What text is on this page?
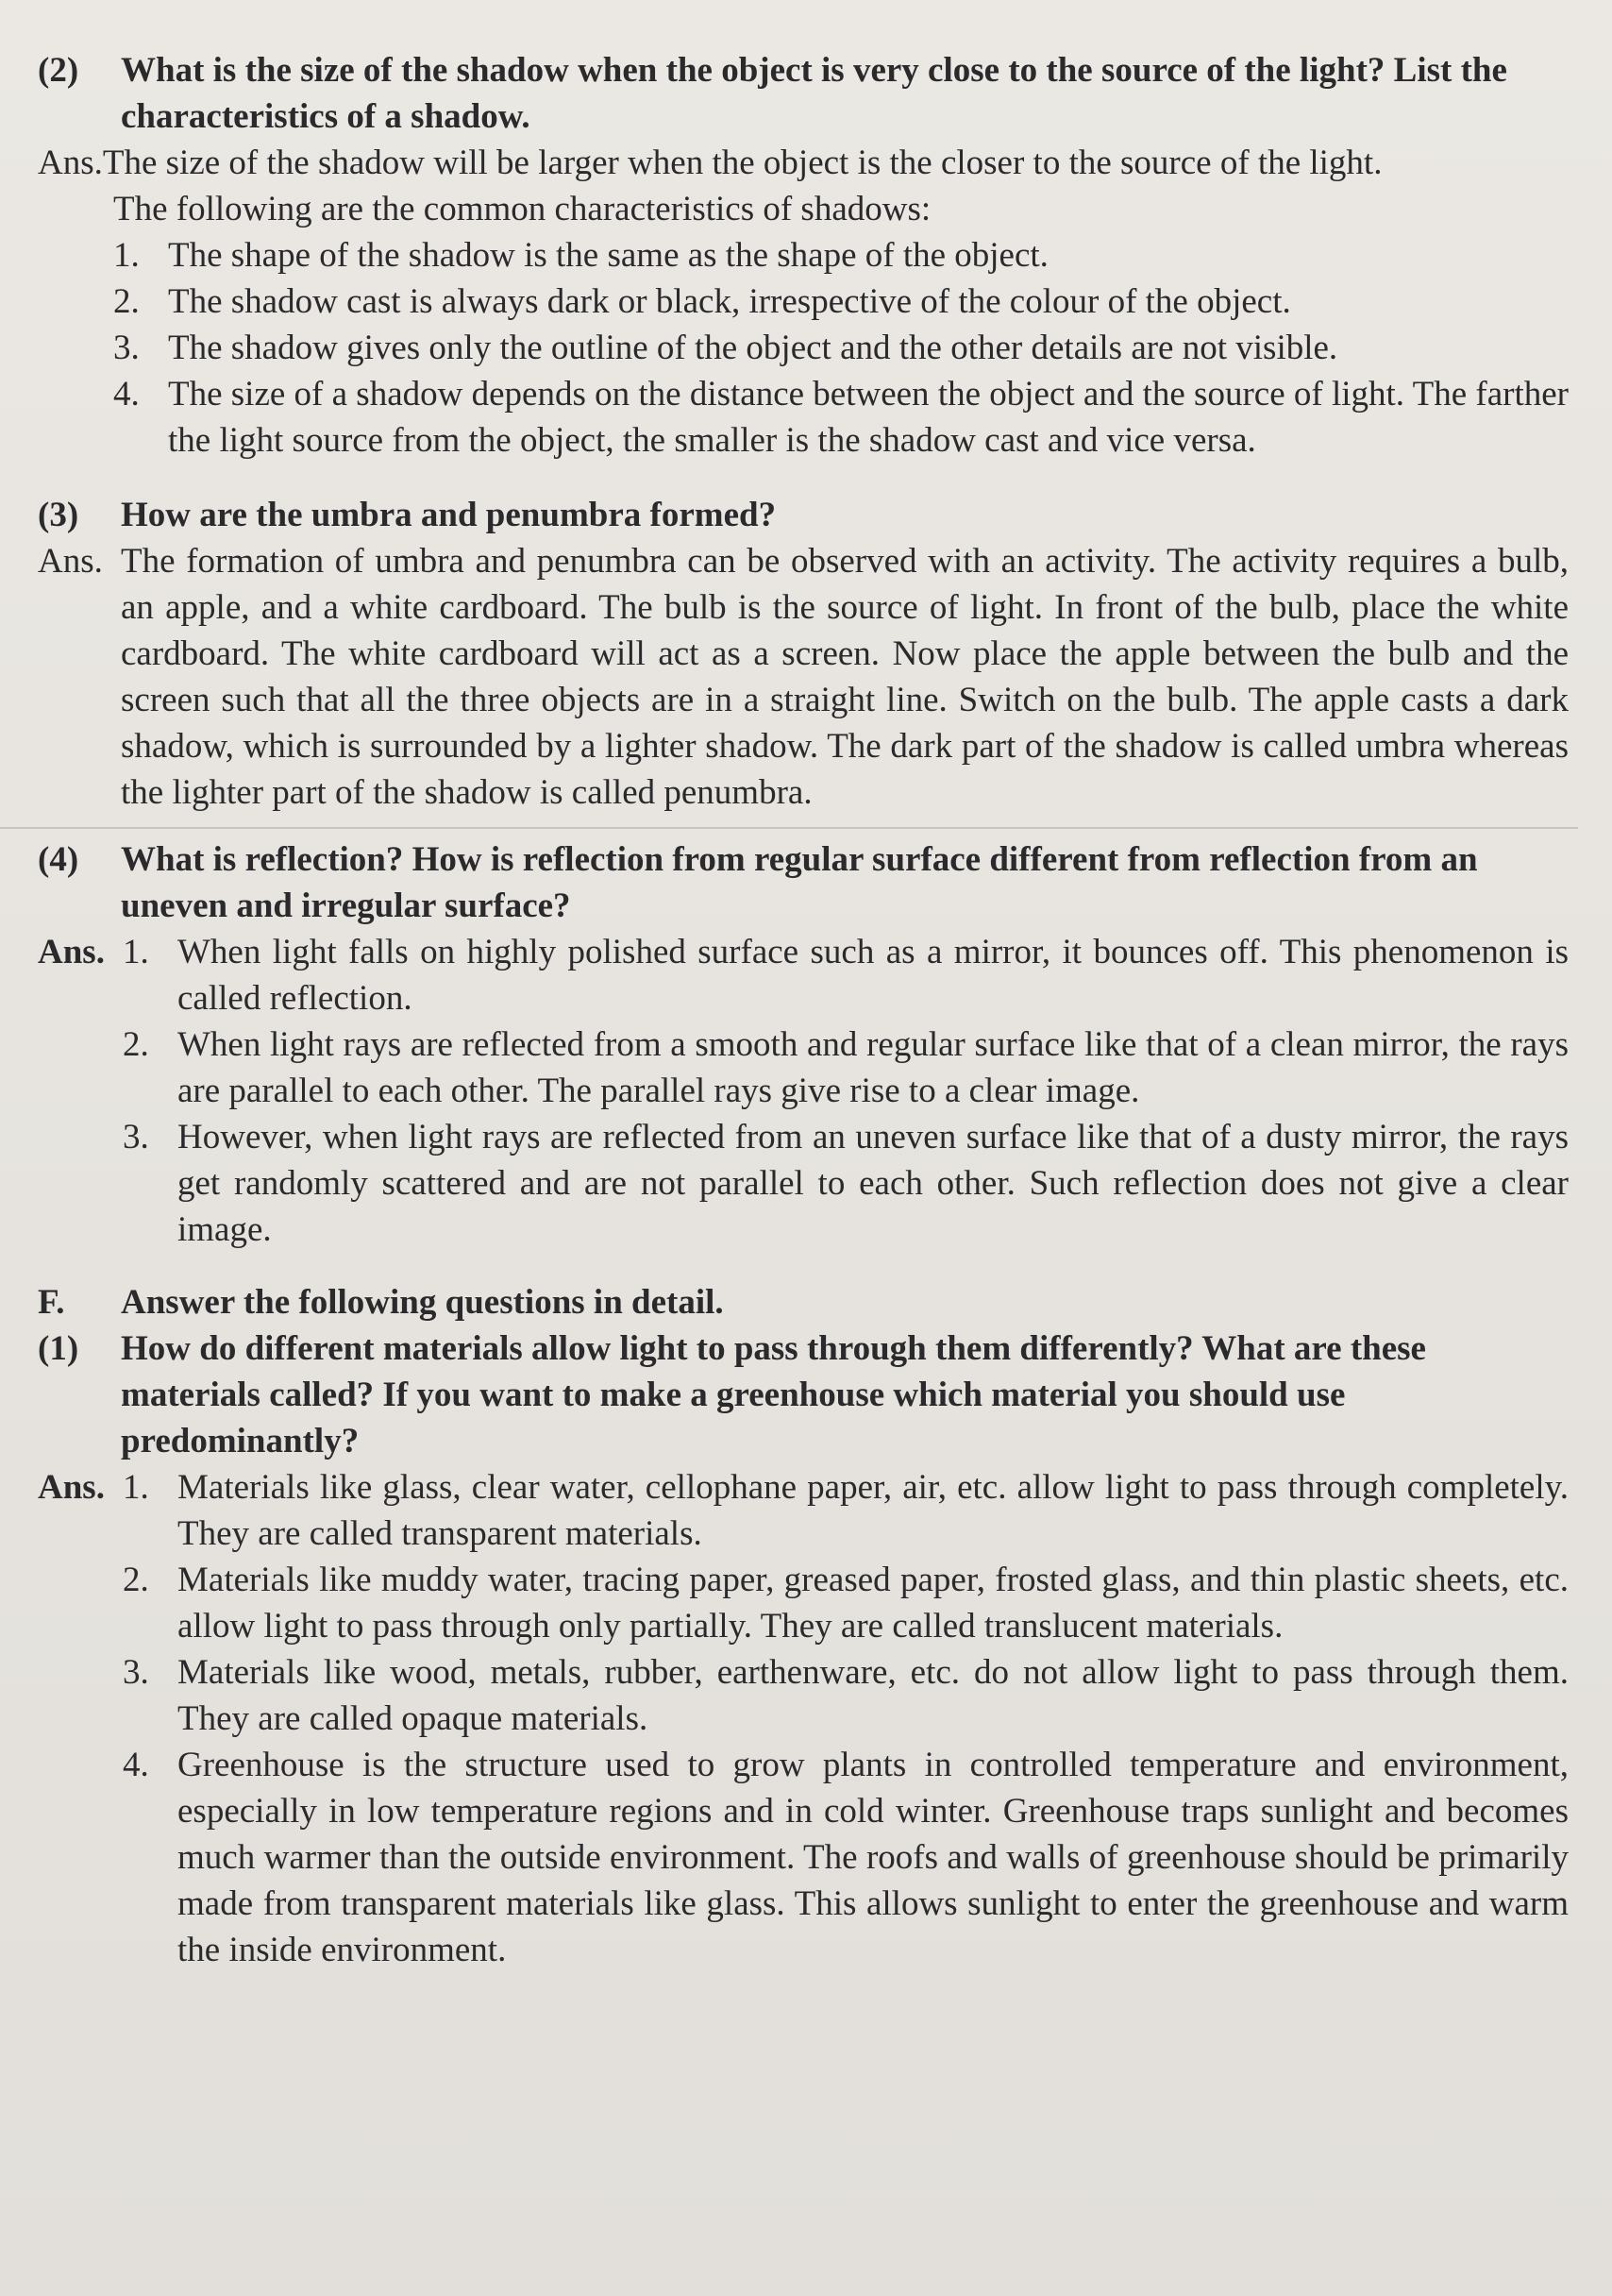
(2)	What is the size of the shadow when the object is very close to the source of the light? List the characteristics of a shadow.
Ans.The size of the shadow will be larger when the object is the closer to the source of the light.
The following are the common characteristics of shadows:
1. The shape of the shadow is the same as the shape of the object.
2. The shadow cast is always dark or black, irrespective of the colour of the object.
3. The shadow gives only the outline of the object and the other details are not visible.
4. The size of a shadow depends on the distance between the object and the source of light. The farther the light source from the object, the smaller is the shadow cast and vice versa.
(3)	How are the umbra and penumbra formed?
Ans. The formation of umbra and penumbra can be observed with an activity. The activity requires a bulb, an apple, and a white cardboard. The bulb is the source of light. In front of the bulb, place the white cardboard. The white cardboard will act as a screen. Now place the apple between the bulb and the screen such that all the three objects are in a straight line. Switch on the bulb. The apple casts a dark shadow, which is surrounded by a lighter shadow. The dark part of the shadow is called umbra whereas the lighter part of the shadow is called penumbra.
(4)	What is reflection? How is reflection from regular surface different from reflection from an uneven and irregular surface?
Ans. 1. When light falls on highly polished surface such as a mirror, it bounces off. This phenomenon is called reflection.
2. When light rays are reflected from a smooth and regular surface like that of a clean mirror, the rays are parallel to each other. The parallel rays give rise to a clear image.
3. However, when light rays are reflected from an uneven surface like that of a dusty mirror, the rays get randomly scattered and are not parallel to each other. Such reflection does not give a clear image.
F.	Answer the following questions in detail.
(1)	How do different materials allow light to pass through them differently? What are these materials called? If you want to make a greenhouse which material you should use predominantly?
Ans. 1. Materials like glass, clear water, cellophane paper, air, etc. allow light to pass through completely. They are called transparent materials.
2. Materials like muddy water, tracing paper, greased paper, frosted glass, and thin plastic sheets, etc. allow light to pass through only partially. They are called translucent materials.
3. Materials like wood, metals, rubber, earthenware, etc. do not allow light to pass through them. They are called opaque materials.
4. Greenhouse is the structure used to grow plants in controlled temperature and environment, especially in low temperature regions and in cold winter. Greenhouse traps sunlight and becomes much warmer than the outside environment. The roofs and walls of greenhouse should be primarily made from transparent materials like glass. This allows sunlight to enter the greenhouse and warm the inside environment.
